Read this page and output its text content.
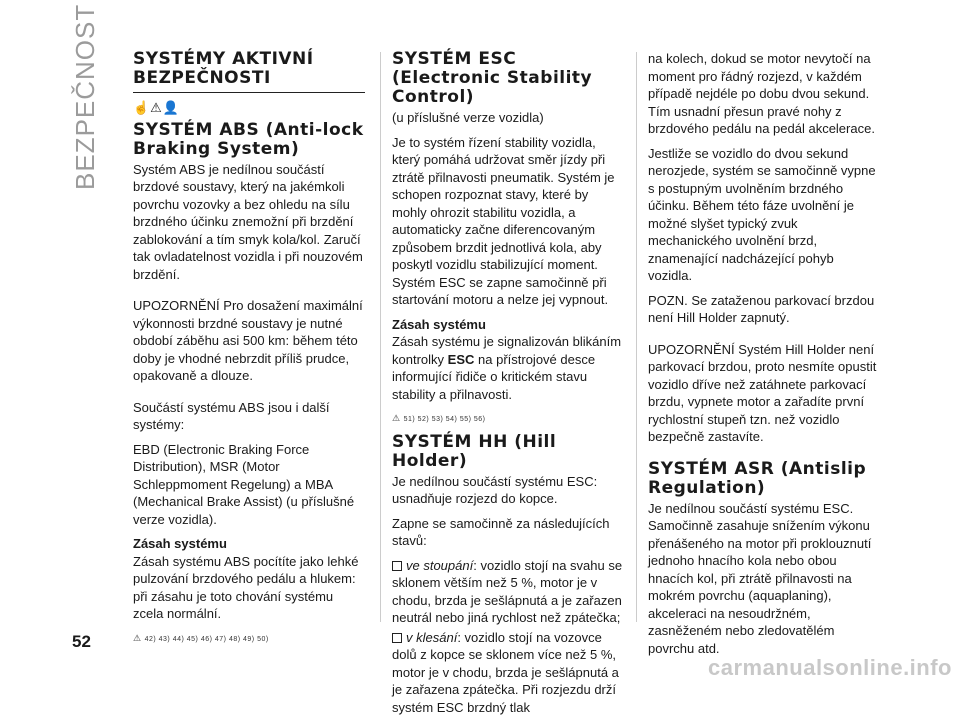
BEZPEČNOST
52
SYSTÉMY AKTIVNÍ BEZPEČNOSTI
☝⚠👤
SYSTÉM ABS (Anti-lock Braking System)

Systém ABS je nedílnou součástí brzdové soustavy, který na jakémkoli povrchu vozovky a bez ohledu na sílu brzdného účinku znemožní při brzdění zablokování a tím smyk kola/kol. Zaručí tak ovladatelnost vozidla i při nouzovém brzdění.

UPOZORNĚNÍ Pro dosažení maximální výkonnosti brzdné soustavy je nutné období záběhu asi 500 km: během této doby je vhodné nebrzdit příliš prudce, opakovaně a dlouze.

Součástí systému ABS jsou i další systémy:

EBD (Electronic Braking Force Distribution), MSR (Motor Schleppmoment Regelung) a MBA (Mechanical Brake Assist) (u příslušné verze vozidla).

Zásah systému

Zásah systému ABS pocítíte jako lehké pulzování brzdového pedálu a hlukem: při zásahu je toto chování systému zcela normální.

⚠ 42) 43) 44) 45) 46) 47) 48) 49) 50)
SYSTÉM ESC (Electronic Stability Control)

(u příslušné verze vozidla)

Je to systém řízení stability vozidla, který pomáhá udržovat směr jízdy při ztrátě přilnavosti pneumatik. Systém je schopen rozpoznat stavy, které by mohly ohrozit stabilitu vozidla, a automaticky začne diferencovaným způsobem brzdit jednotlivá kola, aby poskytl vozidlu stabilizující moment. Systém ESC se zapne samočinně při startování motoru a nelze jej vypnout.

Zásah systému

Zásah systému je signalizován blikáním kontrolky ESC na přístrojové desce informující řidiče o kritickém stavu stability a přilnavosti.

⚠ 51) 52) 53) 54) 55) 56)
SYSTÉM HH (Hill Holder)

Je nedílnou součástí systému ESC: usnadňuje rozjezd do kopce.

Zapne se samočinně za následujících stavů:

ve stoupání: vozidlo stojí na svahu se sklonem větším než 5 %, motor je v chodu, brzda je sešlápnutá a je zařazen neutrál nebo jiná rychlost než zpátečka;

v klesání: vozidlo stojí na vozovce dolů z kopce se sklonem více než 5 %, motor je v chodu, brzda je sešlápnutá a je zařazena zpátečka. Při rozjezdu drží systém ESC brzdný tlak

na kolech, dokud se motor nevytočí na moment pro řádný rozjezd, v každém případě nejdéle po dobu dvou sekund. Tím usnadní přesun pravé nohy z brzdového pedálu na pedál akcelerace.

Jestliže se vozidlo do dvou sekund nerozjede, systém se samočinně vypne s postupným uvolněním brzdného účinku. Během této fáze uvolnění je možné slyšet typický zvuk mechanického uvolnění brzd, znamenající nadcházející pohyb vozidla.

POZN. Se zataženou parkovací brzdou není Hill Holder zapnutý.

UPOZORNĚNÍ Systém Hill Holder není parkovací brzdou, proto nesmíte opustit vozidlo dříve než zatáhnete parkovací brzdu, vypnete motor a zařadíte první rychlostní stupeň tzn. než vozidlo bezpečně zastavíte.

SYSTÉM ASR (Antislip Regulation)

Je nedílnou součástí systému ESC. Samočinně zasahuje snížením výkonu přenášeného na motor při proklouznutí jednoho hnacího kola nebo obou hnacích kol, při ztrátě přilnavosti na mokrém povrchu (aquaplaning), akceleraci na nesoudržném, zasněženém nebo zledovatělém povrchu atd.

carmanualsonline.info
